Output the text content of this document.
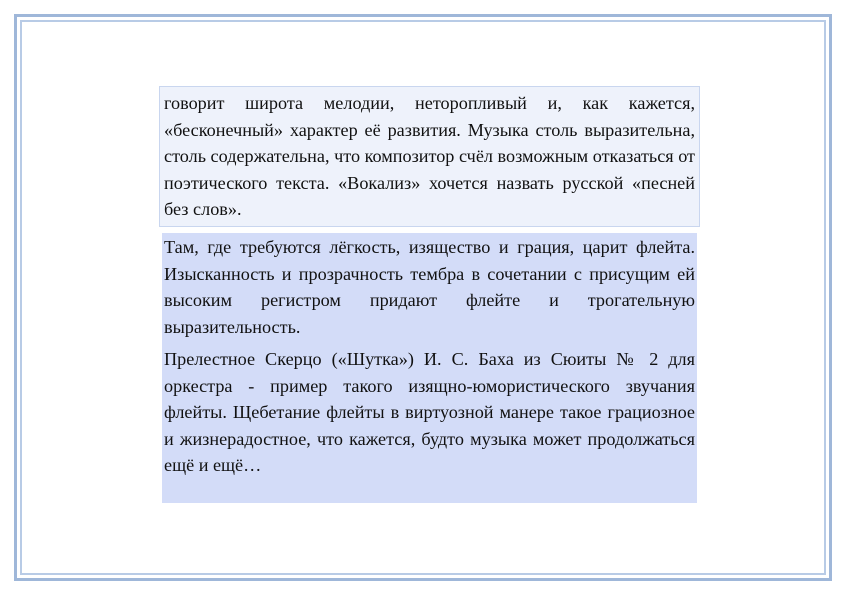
говорит широта мелодии, неторопливый и, как кажется, «бесконечный» характер её развития. Музыка столь выразительна, столь содержательна, что композитор счёл возможным отказаться от поэтического текста. «Вокализ» хочется назвать русской «песней без слов».

Там, где требуются лёгкость, изящество и грация, царит флейта. Изысканность и прозрачность тембра в сочетании с присущим ей высоким регистром придают флейте и трогательную выразительность.

Прелестное Скерцо («Шутка») И. С. Баха из Сюиты № 2 для оркестра - пример такого изящно-юмористического звучания флейты. Щебетание флейты в виртуозной манере такое грациозное и жизнерадостное, что кажется, будто музыка может продолжаться ещё и ещё…
